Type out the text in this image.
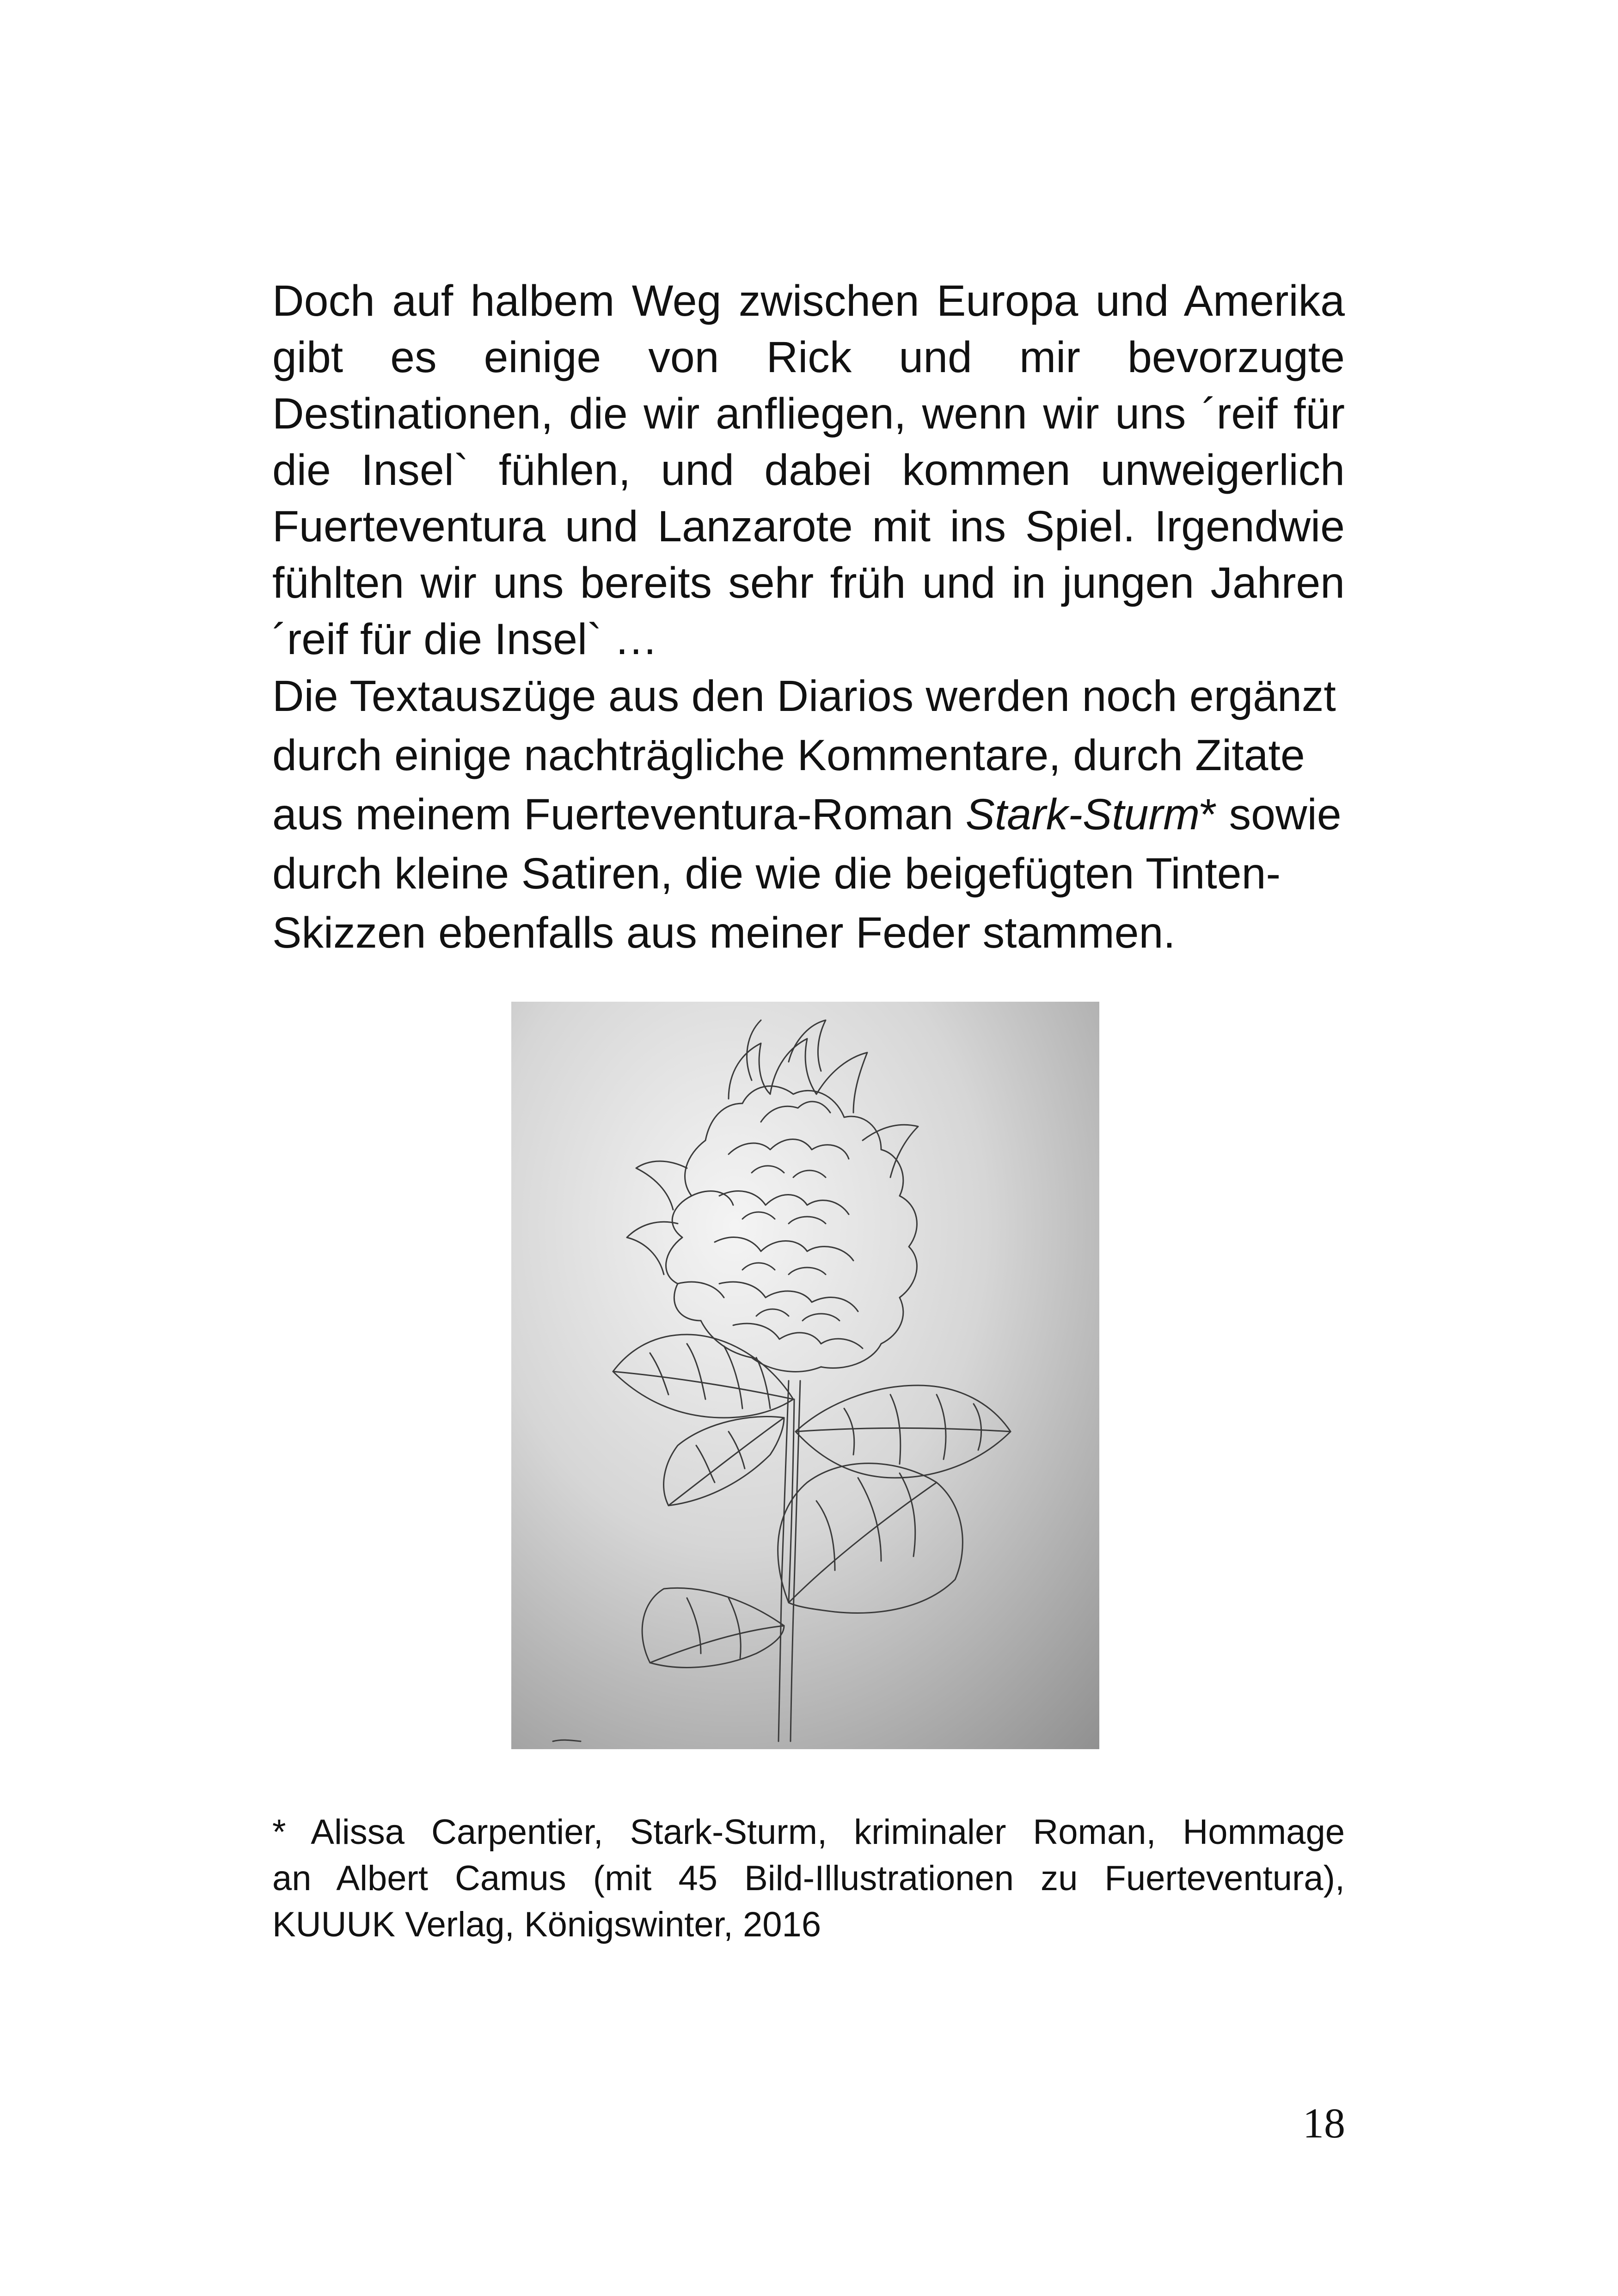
Doch auf halbem Weg zwischen Europa und Amerika
gibt es einige von Rick und mir bevorzugte
Destinationen, die wir anfliegen, wenn wir uns ´reif für
die Insel` fühlen, und dabei kommen unweigerlich
Fuerteventura und Lanzarote mit ins Spiel. Irgendwie
fühlten wir uns bereits sehr früh und in jungen Jahren
´reif für die Insel` …
Die Textauszüge aus den Diarios werden noch ergänzt
durch einige nachträgliche Kommentare, durch Zitate
aus meinem Fuerteventura-Roman Stark-Sturm* sowie
durch kleine Satiren, die wie die beigefügten Tinten-
Skizzen ebenfalls aus meiner Feder stammen.
* Alissa Carpentier, Stark-Sturm, kriminaler Roman, Hommage
an Albert Camus (mit 45 Bild-Illustrationen zu Fuerteventura),
KUUUK Verlag, Königswinter, 2016
18
